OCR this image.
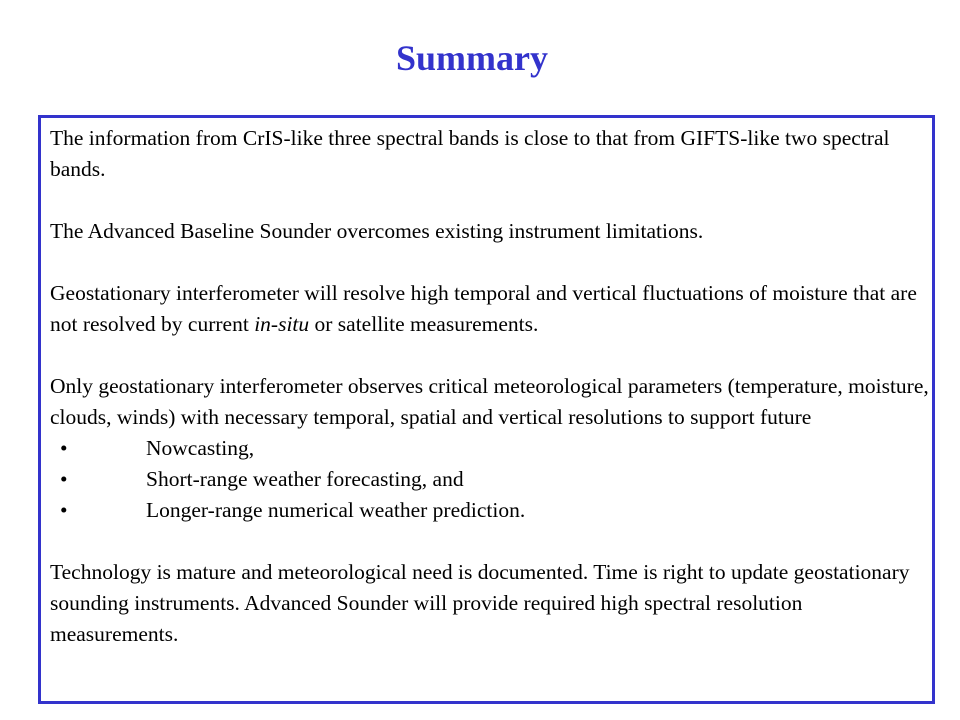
Summary

The information from CrIS-like three spectral bands is close to that from GIFTS-like two spectral bands.

The Advanced Baseline Sounder overcomes existing instrument limitations.

Geostationary interferometer will resolve high temporal and vertical fluctuations of moisture that are not resolved by current in-situ or satellite measurements.

Only geostationary interferometer observes critical meteorological parameters (temperature, moisture, clouds, winds) with necessary temporal, spatial and vertical resolutions to support future

•	Nowcasting,
•	Short-range weather forecasting, and
•	Longer-range numerical weather prediction.

Technology is mature and meteorological need is documented. Time is right to update geostationary sounding instruments. Advanced Sounder will provide required high spectral resolution measurements.
